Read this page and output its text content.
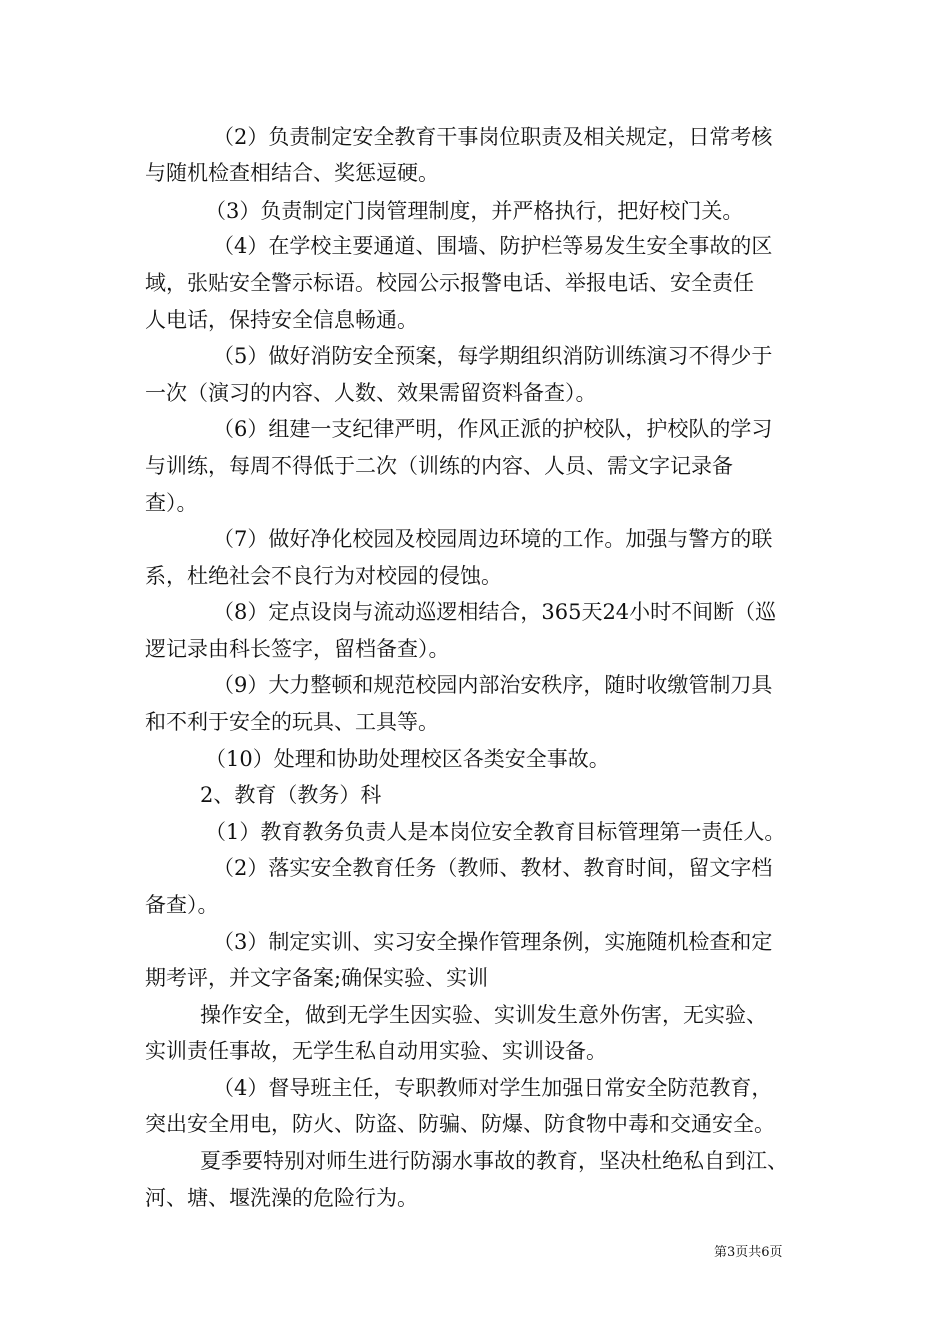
（2）负责制定安全教育干事岗位职责及相关规定，日常考核
与随机检查相结合、奖惩逗硬。
（3）负责制定门岗管理制度，并严格执行，把好校门关。
（4）在学校主要通道、围墙、防护栏等易发生安全事故的区
域，张贴安全警示标语。校园公示报警电话、举报电话、安全责任
人电话，保持安全信息畅通。
（5）做好消防安全预案，每学期组织消防训练演习不得少于
一次（演习的内容、人数、效果需留资料备查）。
（6）组建一支纪律严明，作风正派的护校队，护校队的学习
与训练，每周不得低于二次（训练的内容、人员、需文字记录备
查）。
（7）做好净化校园及校园周边环境的工作。加强与警方的联
系，杜绝社会不良行为对校园的侵蚀。
（8）定点设岗与流动巡逻相结合，365天24小时不间断（巡
逻记录由科长签字，留档备查）。
（9）大力整顿和规范校园内部治安秩序，随时收缴管制刀具
和不利于安全的玩具、工具等。
（10）处理和协助处理校区各类安全事故。
2、教育（教务）科
（1）教育教务负责人是本岗位安全教育目标管理第一责任人。
（2）落实安全教育任务（教师、教材、教育时间，留文字档
备查）。
（3）制定实训、实习安全操作管理条例，实施随机检查和定
期考评，并文字备案;确保实验、实训
操作安全，做到无学生因实验、实训发生意外伤害，无实验、
实训责任事故，无学生私自动用实验、实训设备。
（4）督导班主任，专职教师对学生加强日常安全防范教育，
突出安全用电，防火、防盗、防骗、防爆、防食物中毒和交通安全。
夏季要特别对师生进行防溺水事故的教育，坚决杜绝私自到江、
河、塘、堰洗澡的危险行为。
第3页共6页
